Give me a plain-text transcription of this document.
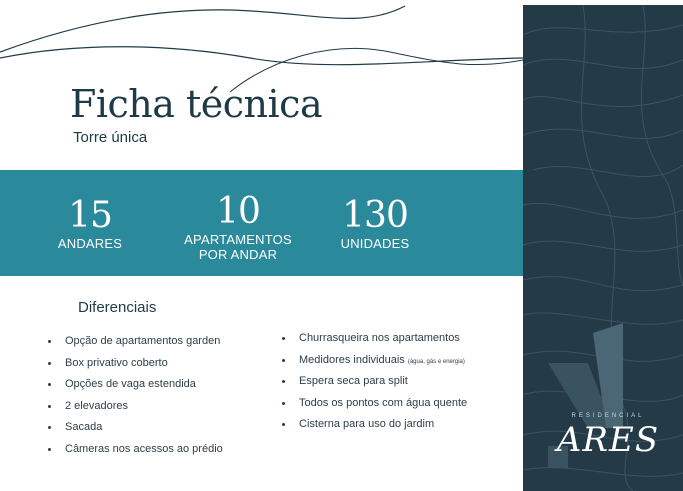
Ficha técnica
Torre única
15
ANDARES
10
APARTAMENTOS
POR ANDAR
130
UNIDADES
Diferenciais
Opção de apartamentos garden
Box privativo coberto
Opções de vaga estendida
2 elevadores
Sacada
Câmeras nos acessos ao prédio
Churrasqueira nos apartamentos
Medidores individuais (água, gás e energia)
Espera seca para split
Todos os pontos com água quente
Cisterna para uso do jardim
RESIDENCIAL
ARES
